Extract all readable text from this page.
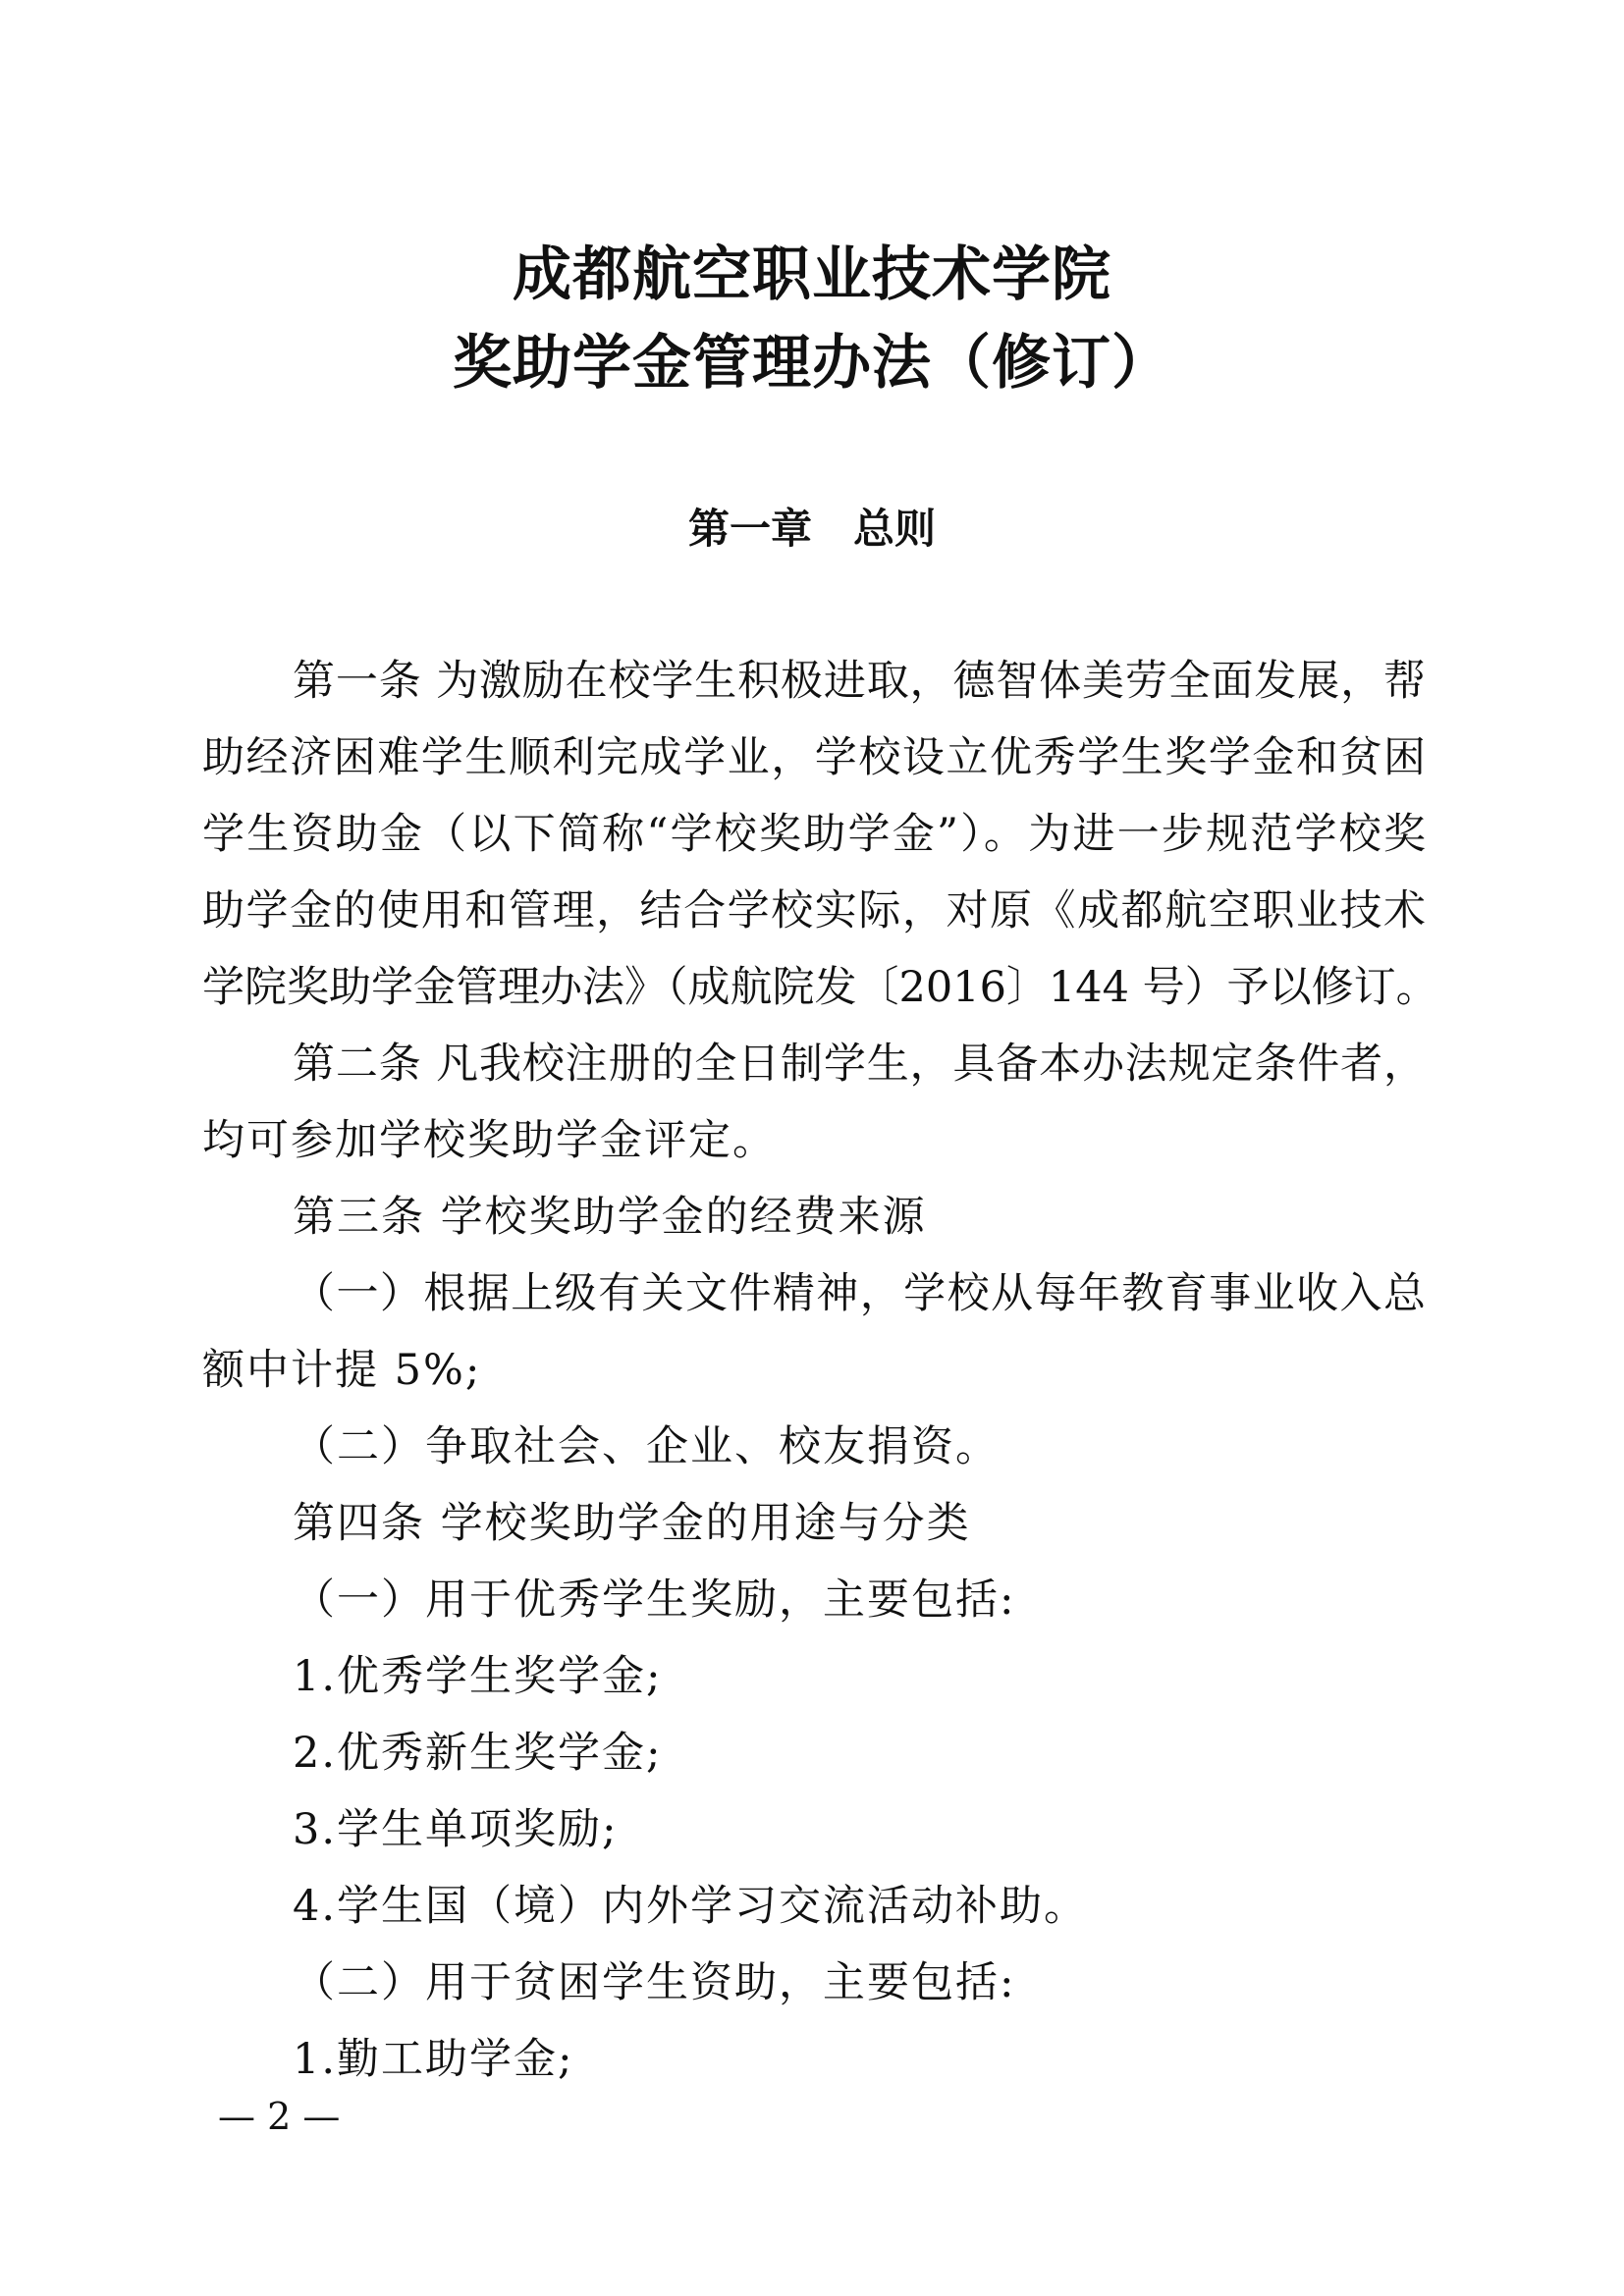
成都航空职业技术学院
奖助学金管理办法（修订）
第一章　总则
第一条 为激励在校学生积极进取，德智体美劳全面发展，帮
助经济困难学生顺利完成学业，学校设立优秀学生奖学金和贫困
学生资助金（以下简称“学校奖助学金”）。为进一步规范学校奖
助学金的使用和管理，结合学校实际，对原《成都航空职业技术
学院奖助学金管理办法》（成航院发〔2016〕144 号）予以修订。
第二条 凡我校注册的全日制学生，具备本办法规定条件者，
均可参加学校奖助学金评定。
第三条 学校奖助学金的经费来源
（一）根据上级有关文件精神，学校从每年教育事业收入总
额中计提 5%;
（二）争取社会、企业、校友捐资。
第四条 学校奖助学金的用途与分类
（一）用于优秀学生奖励，主要包括:
1.优秀学生奖学金;
2.优秀新生奖学金;
3.学生单项奖励;
4.学生国（境）内外学习交流活动补助。
（二）用于贫困学生资助，主要包括:
1.勤工助学金;
— 2 —
